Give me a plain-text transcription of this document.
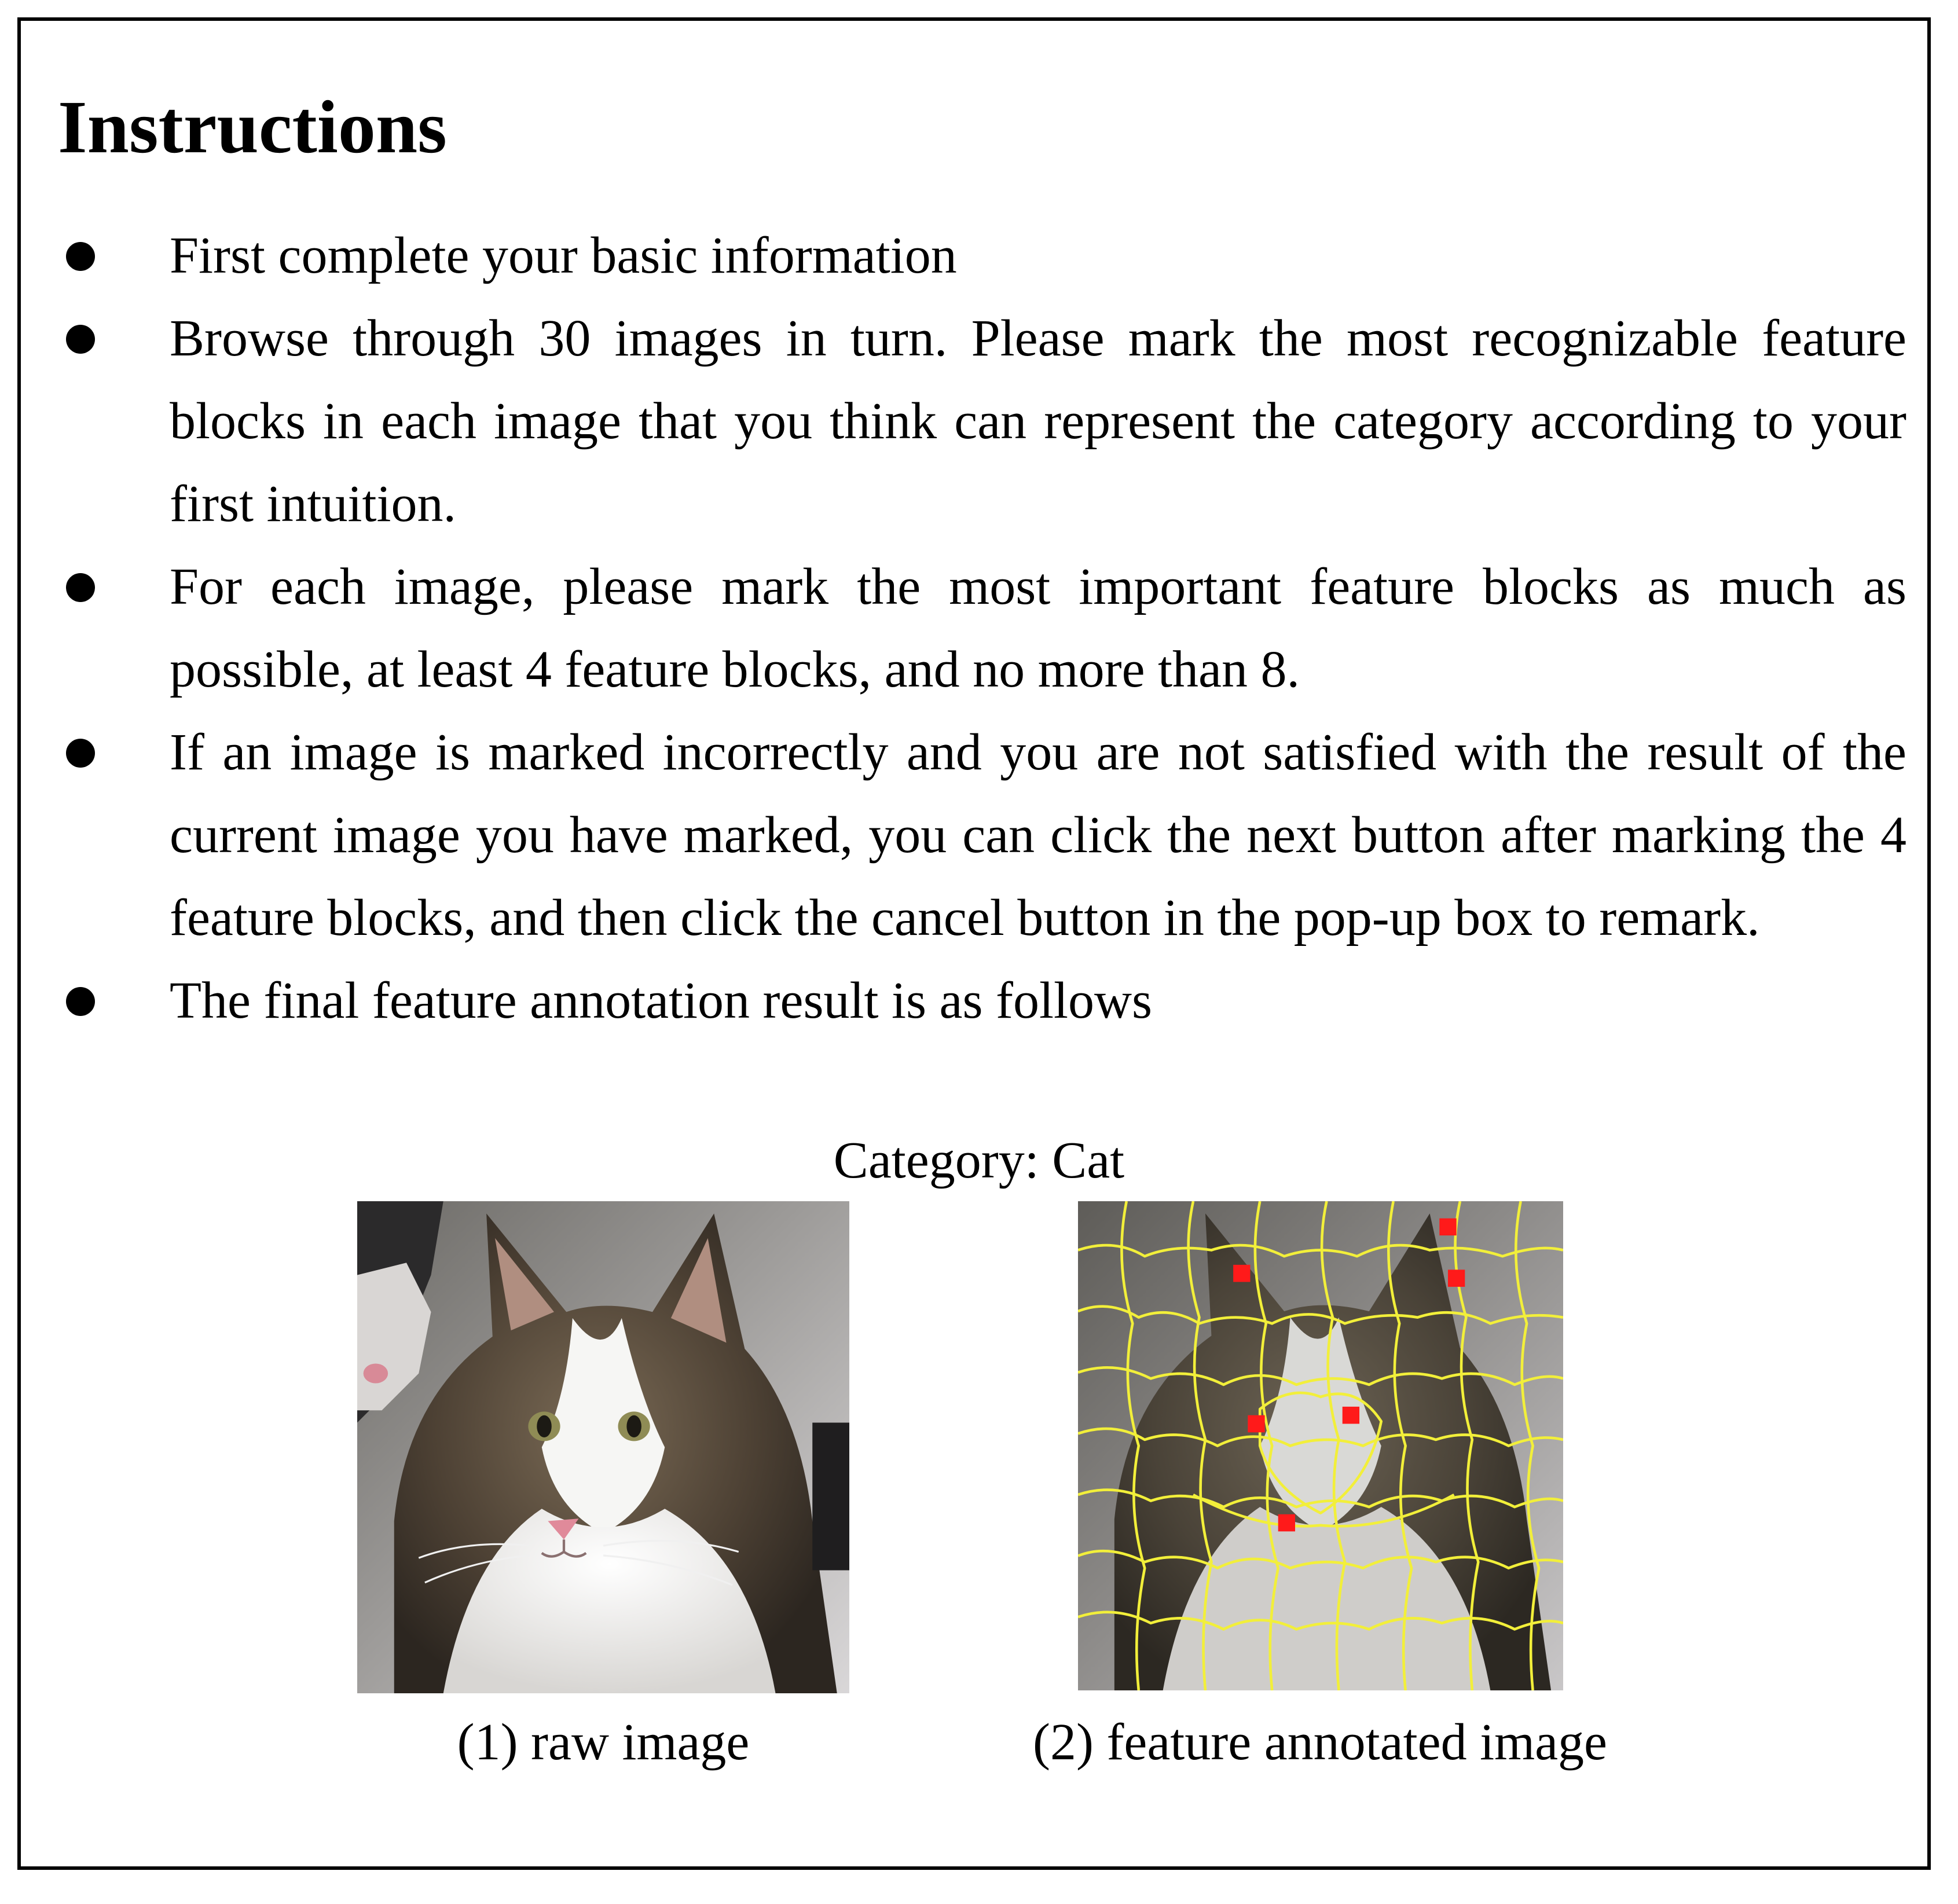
Instructions
First complete your basic information
Browse through 30 images in turn. Please mark the most recognizable feature blocks in each image that you think can represent the category according to your first intuition.
For each image, please mark the most important feature blocks as much as possible, at least 4 feature blocks, and no more than 8.
If an image is marked incorrectly and you are not satisfied with the result of the current image you have marked, you can click the next button after marking the 4 feature blocks, and then click the cancel button in the pop-up box to remark.
The final feature annotation result is as follows
Category: Cat
(1) raw image	(2) feature annotated image
